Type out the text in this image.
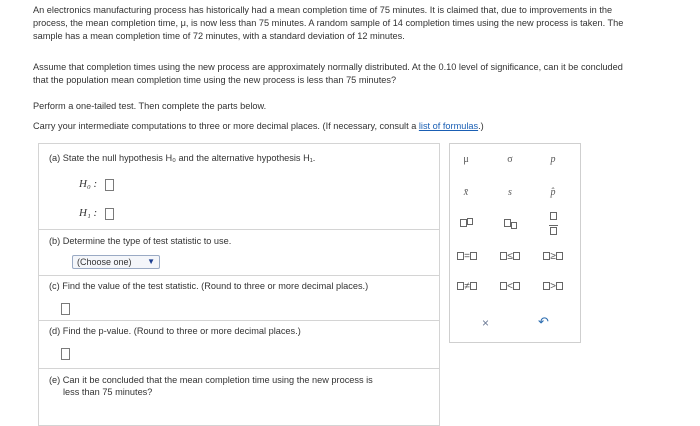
An electronics manufacturing process has historically had a mean completion time of 75 minutes. It is claimed that, due to improvements in the
process, the mean completion time, μ, is now less than 75 minutes. A random sample of 14 completion times using the new process is taken. The
sample has a mean completion time of 72 minutes, with a standard deviation of 12 minutes.
Assume that completion times using the new process are approximately normally distributed. At the 0.10 level of significance, can it be concluded
that the population mean completion time using the new process is less than 75 minutes?
Perform a one-tailed test. Then complete the parts below.
Carry your intermediate computations to three or more decimal places. (If necessary, consult a list of formulas.)
(a) State the null hypothesis H₀ and the alternative hypothesis H₁.
H₀ :
H₁ :
(b) Determine the type of test statistic to use.
(Choose one) ▼
(c) Find the value of the test statistic. (Round to three or more decimal places.)
(d) Find the p-value. (Round to three or more decimal places.)
(e) Can it be concluded that the mean completion time using the new process is
less than 75 minutes?
μ	σ	p
x̄	s	p̂

=	≤	≥
≠	<	>
×	↶
